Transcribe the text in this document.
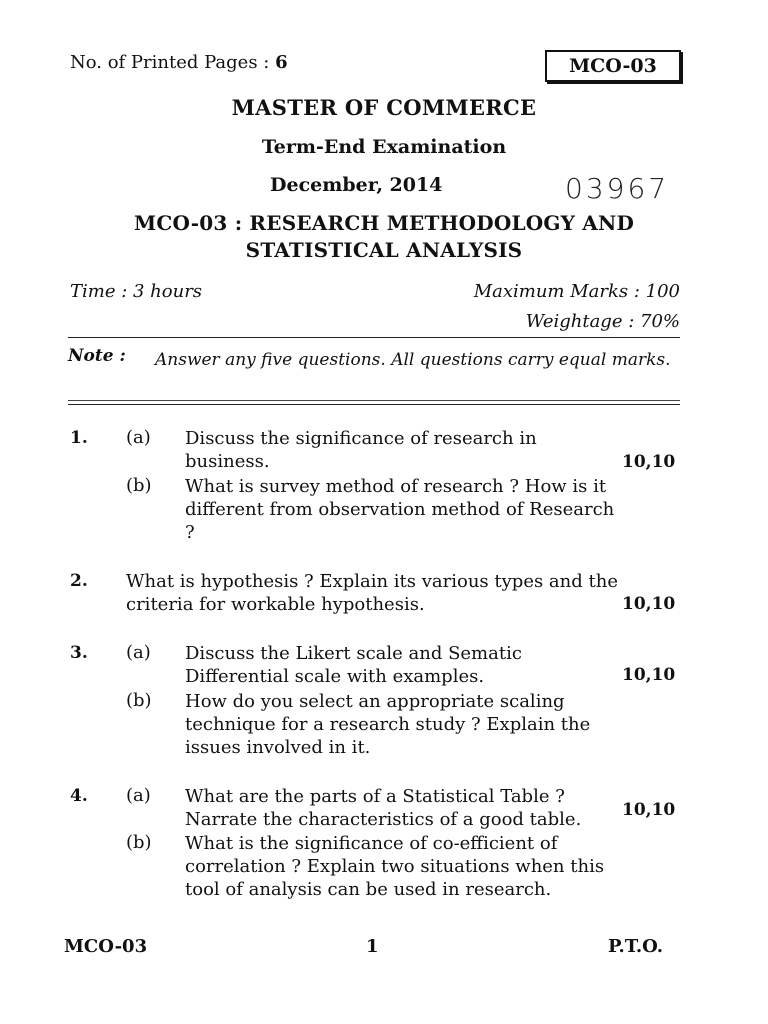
No. of Printed Pages : 6	MCO-03
MASTER OF COMMERCE
Term-End Examination
December, 2014	03967
MCO-03 : RESEARCH METHODOLOGY AND
STATISTICAL ANALYSIS
Time : 3 hours	Maximum Marks : 100
Weightage : 70%
Note : Answer any five questions. All questions carry equal marks.
1. (a) Discuss the significance of research in business.	10,10
(b) What is survey method of research ? How is it different from observation method of Research ?
2. What is hypothesis ? Explain its various types and the criteria for workable hypothesis.	10,10
3. (a) Discuss the Likert scale and Sematic Differential scale with examples.	10,10
(b) How do you select an appropriate scaling technique for a research study ? Explain the issues involved in it.
4. (a) What are the parts of a Statistical Table ? Narrate the characteristics of a good table.	10,10
(b) What is the significance of co-efficient of correlation ? Explain two situations when this tool of analysis can be used in research.
MCO-03	1	P.T.O.
